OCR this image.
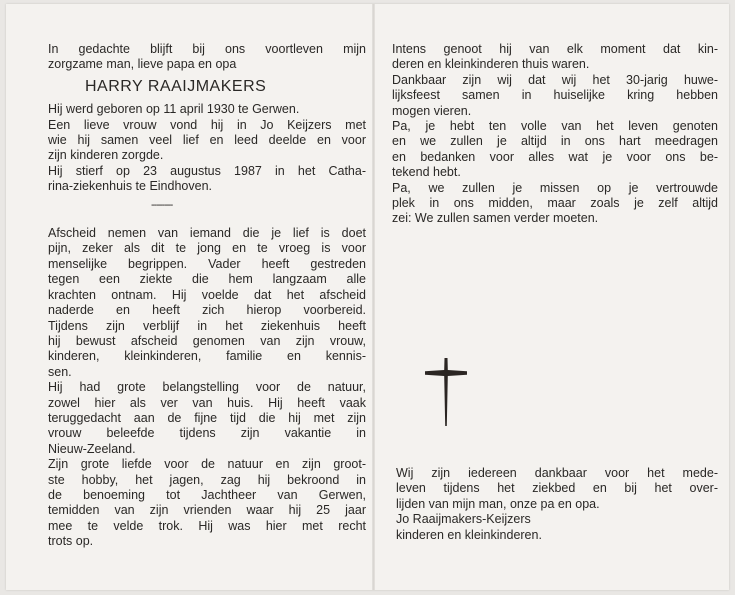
In gedachte blijft bij ons voortleven mijn
zorgzame man, lieve papa en opa
HARRY RAAIJMAKERS
Hij werd geboren op 11 april 1930 te Gerwen.
Een lieve vrouw vond hij in Jo Keijzers met
wie hij samen veel lief en leed deelde en voor
zijn kinderen zorgde.
Hij stierf op 23 augustus 1987 in het Catha-
rina-ziekenhuis te Eindhoven.
--------
Afscheid nemen van iemand die je lief is doet
pijn, zeker als dit te jong en te vroeg is voor
menselijke begrippen. Vader heeft gestreden
tegen een ziekte die hem langzaam alle
krachten ontnam. Hij voelde dat het afscheid
naderde en heeft zich hierop voorbereid.
Tijdens zijn verblijf in het ziekenhuis heeft
hij bewust afscheid genomen van zijn vrouw,
kinderen, kleinkinderen, familie en kennis-
sen.
Hij had grote belangstelling voor de natuur,
zowel hier als ver van huis. Hij heeft vaak
teruggedacht aan de fijne tijd die hij met zijn
vrouw beleefde tijdens zijn vakantie in
Nieuw-Zeeland.
Zijn grote liefde voor de natuur en zijn groot-
ste hobby, het jagen, zag hij bekroond in
de benoeming tot Jachtheer van Gerwen,
temidden van zijn vrienden waar hij 25 jaar
mee te velde trok. Hij was hier met recht
trots op.
Intens genoot hij van elk moment dat kin-
deren en kleinkinderen thuis waren.
Dankbaar zijn wij dat wij het 30-jarig huwe-
lijksfeest samen in huiselijke kring hebben
mogen vieren.
Pa, je hebt ten volle van het leven genoten
en we zullen je altijd in ons hart meedragen
en bedanken voor alles wat je voor ons be-
tekend hebt.
Pa, we zullen je missen op je vertrouwde
plek in ons midden, maar zoals je zelf altijd
zei: We zullen samen verder moeten.
Wij zijn iedereen dankbaar voor het mede-
leven tijdens het ziekbed en bij het over-
lijden van mijn man, onze pa en opa.
Jo Raaijmakers-Keijzers
kinderen en kleinkinderen.
